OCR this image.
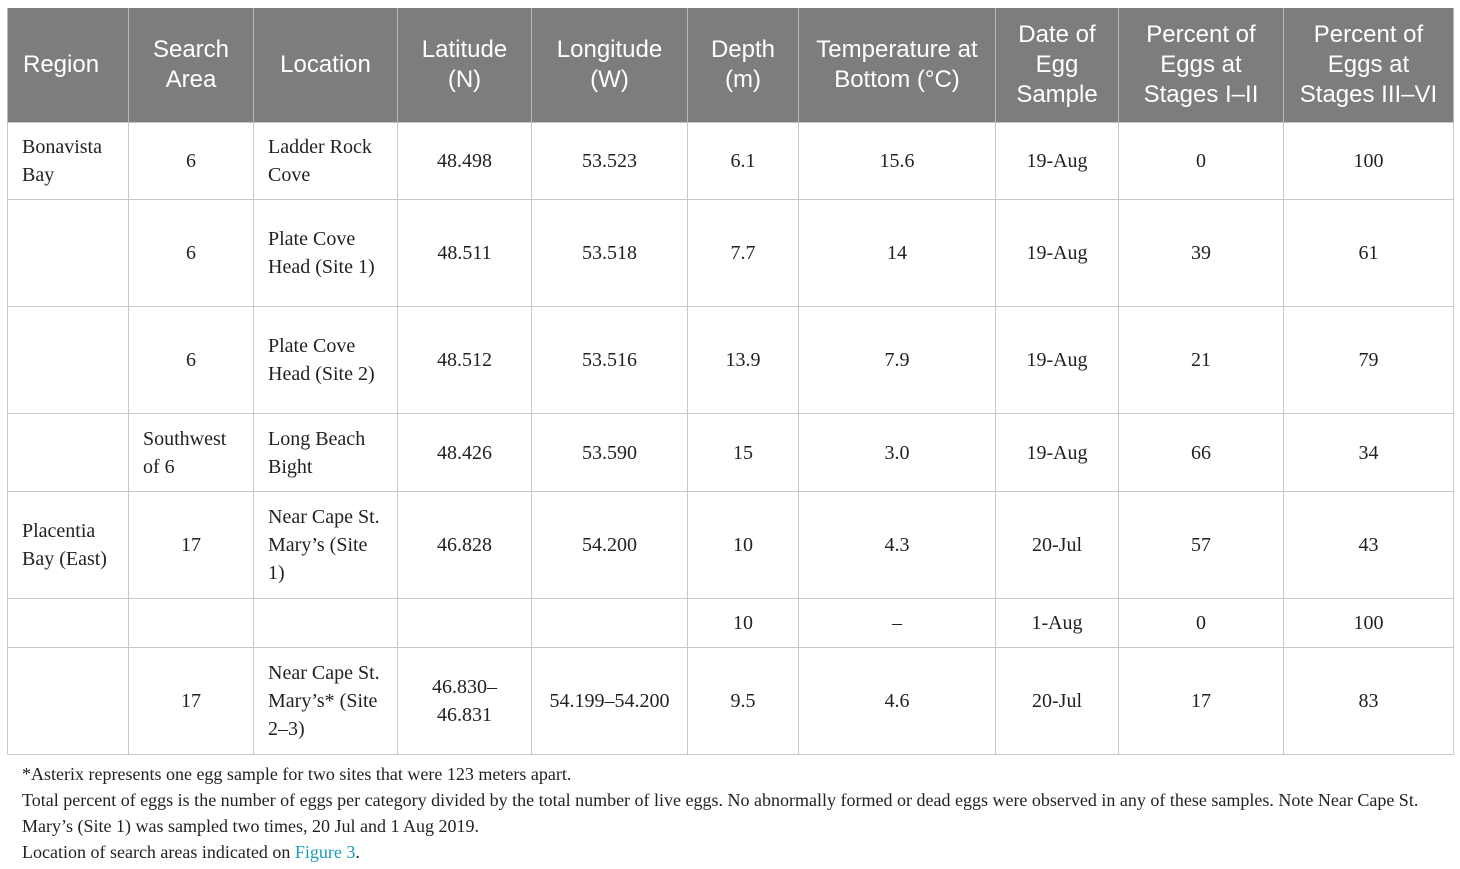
Region	Search Area	Location	Latitude (N)	Longitude (W)	Depth (m)	Temperature at Bottom (°C)	Date of Egg Sample	Percent of Eggs at Stages I–II	Percent of Eggs at Stages III–VI
Bonavista Bay	6	Ladder Rock Cove	48.498	53.523	6.1	15.6	19-Aug	0	100
	6	Plate Cove Head (Site 1)	48.511	53.518	7.7	14	19-Aug	39	61
	6	Plate Cove Head (Site 2)	48.512	53.516	13.9	7.9	19-Aug	21	79
	Southwest of 6	Long Beach Bight	48.426	53.590	15	3.0	19-Aug	66	34
Placentia Bay (East)	17	Near Cape St. Mary’s (Site 1)	46.828	54.200	10	4.3	20-Jul	57	43
					10	–	1-Aug	0	100
	17	Near Cape St. Mary’s* (Site 2–3)	46.830–46.831	54.199–54.200	9.5	4.6	20-Jul	17	83

*Asterix represents one egg sample for two sites that were 123 meters apart.

Total percent of eggs is the number of eggs per category divided by the total number of live eggs. No abnormally formed or dead eggs were observed in any of these samples. Note Near Cape St. Mary’s (Site 1) was sampled two times, 20 Jul and 1 Aug 2019.

Location of search areas indicated on Figure 3.
